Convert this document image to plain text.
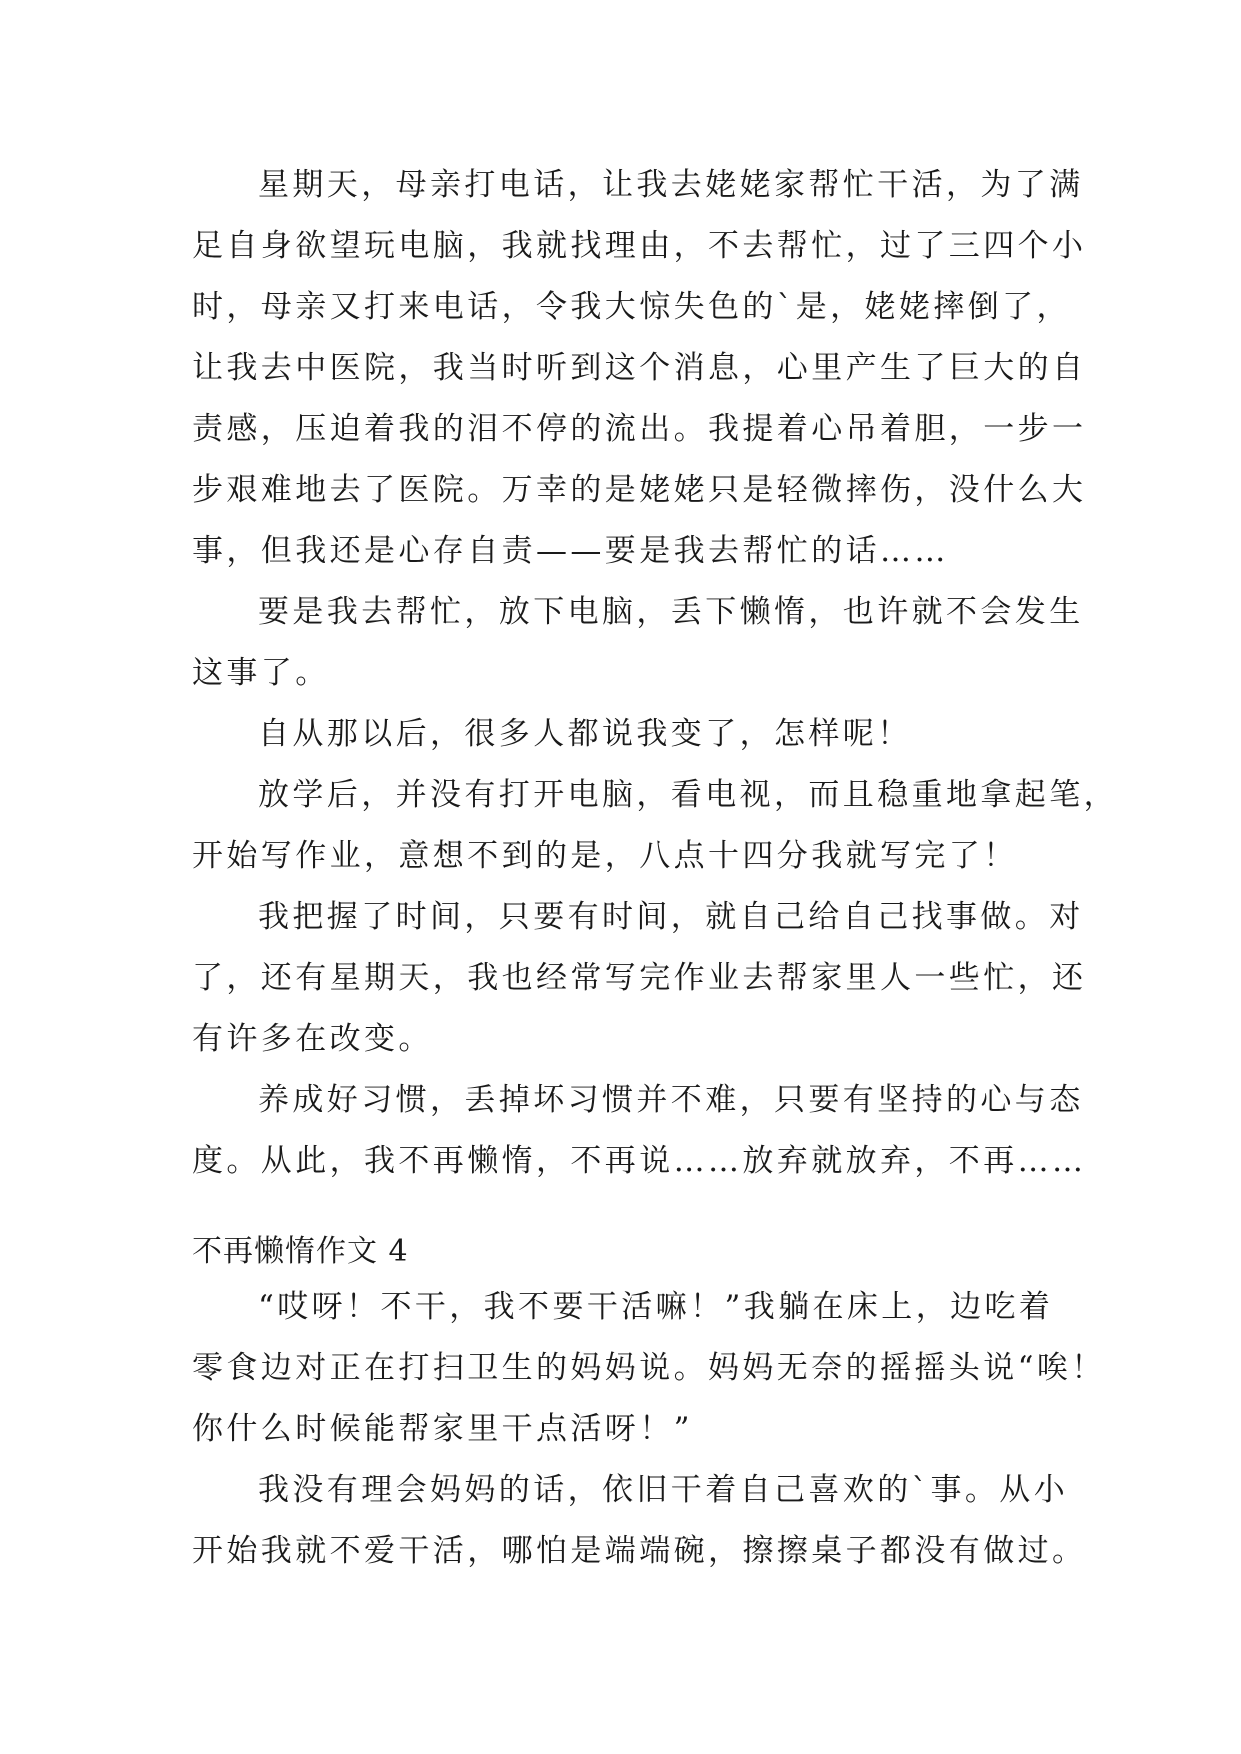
星期天，母亲打电话，让我去姥姥家帮忙干活，为了满
足自身欲望玩电脑，我就找理由，不去帮忙，过了三四个小
时，母亲又打来电话，令我大惊失色的`是，姥姥摔倒了，
让我去中医院，我当时听到这个消息，心里产生了巨大的自
责感，压迫着我的泪不停的流出。我提着心吊着胆，一步一
步艰难地去了医院。万幸的是姥姥只是轻微摔伤，没什么大
事，但我还是心存自责——要是我去帮忙的话……
要是我去帮忙，放下电脑，丢下懒惰，也许就不会发生
这事了。
自从那以后，很多人都说我变了，怎样呢！
放学后，并没有打开电脑，看电视，而且稳重地拿起笔，
开始写作业，意想不到的是，八点十四分我就写完了！
我把握了时间，只要有时间，就自己给自己找事做。对
了，还有星期天，我也经常写完作业去帮家里人一些忙，还
有许多在改变。
养成好习惯，丢掉坏习惯并不难，只要有坚持的心与态
度。从此，我不再懒惰，不再说……放弃就放弃，不再……
不再懒惰作文 4
“哎呀！不干，我不要干活嘛！”我躺在床上，边吃着
零食边对正在打扫卫生的妈妈说。妈妈无奈的摇摇头说“唉！
你什么时候能帮家里干点活呀！”
我没有理会妈妈的话，依旧干着自己喜欢的`事。从小
开始我就不爱干活，哪怕是端端碗，擦擦桌子都没有做过。
